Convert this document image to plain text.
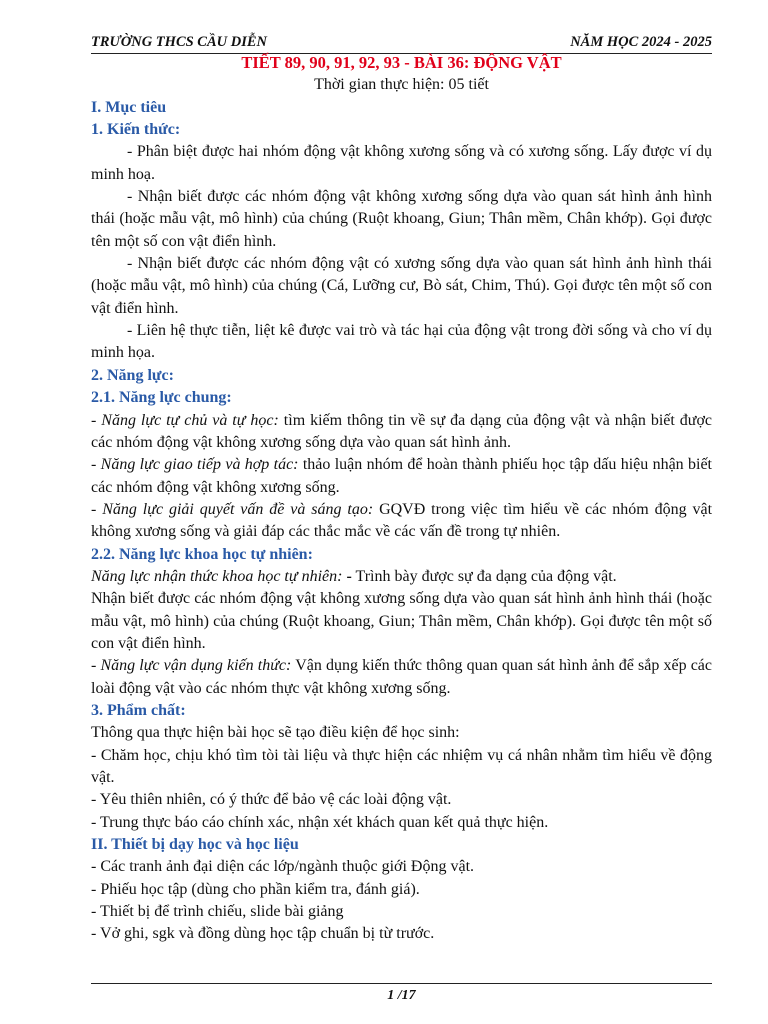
TRƯỜNG THCS CẦU DIỄN	NĂM HỌC 2024 - 2025
TIẾT 89, 90, 91, 92, 93 - BÀI 36: ĐỘNG VẬT
Thời gian thực hiện: 05 tiết
I. Mục tiêu
1. Kiến thức:

- Phân biệt được hai nhóm động vật không xương sống và có xương sống. Lấy được ví dụ minh hoạ.

- Nhận biết được các nhóm động vật không xương sống dựa vào quan sát hình ảnh hình thái (hoặc mẫu vật, mô hình) của chúng (Ruột khoang, Giun; Thân mềm, Chân khớp). Gọi được tên một số con vật điển hình.

- Nhận biết được các nhóm động vật có xương sống dựa vào quan sát hình ảnh hình thái (hoặc mẫu vật, mô hình) của chúng (Cá, Lưỡng cư, Bò sát, Chim, Thú). Gọi được tên một số con vật điển hình.

- Liên hệ thực tiễn, liệt kê được vai trò và tác hại của động vật trong đời sống và cho ví dụ minh họa.

2. Năng lực:
2.1. Năng lực chung:

- Năng lực tự chủ và tự học: tìm kiếm thông tin về sự đa dạng của động vật và nhận biết được các nhóm động vật không xương sống dựa vào quan sát hình ảnh.

- Năng lực giao tiếp và hợp tác: thảo luận nhóm để hoàn thành phiếu học tập dấu hiệu nhận biết các nhóm động vật không xương sống.

- Năng lực giải quyết vấn đề và sáng tạo: GQVĐ trong việc tìm hiểu về các nhóm động vật không xương sống và giải đáp các thắc mắc về các vấn đề trong tự nhiên.

2.2. Năng lực khoa học tự nhiên:

Năng lực nhận thức khoa học tự nhiên: - Trình bày được sự đa dạng của động vật.

Nhận biết được các nhóm động vật không xương sống dựa vào quan sát hình ảnh hình thái (hoặc mẫu vật, mô hình) của chúng (Ruột khoang, Giun; Thân mềm, Chân khớp). Gọi được tên một số con vật điển hình.

- Năng lực vận dụng kiến thức: Vận dụng kiến thức thông quan quan sát hình ảnh để sắp xếp các loài động vật vào các nhóm thực vật không xương sống.

3. Phẩm chất:

Thông qua thực hiện bài học sẽ tạo điều kiện để học sinh:

- Chăm học, chịu khó tìm tòi tài liệu và thực hiện các nhiệm vụ cá nhân nhằm tìm hiểu về động vật.

- Yêu thiên nhiên, có ý thức để bảo vệ các loài động vật.

- Trung thực báo cáo chính xác, nhận xét khách quan kết quả thực hiện.

II. Thiết bị dạy học và học liệu

- Các tranh ảnh đại diện các lớp/ngành thuộc giới Động vật.

- Phiếu học tập (dùng cho phần kiểm tra, đánh giá).

- Thiết bị để trình chiếu, slide bài giảng

- Vở ghi, sgk và đồng dùng học tập chuẩn bị từ trước.

1 /17
